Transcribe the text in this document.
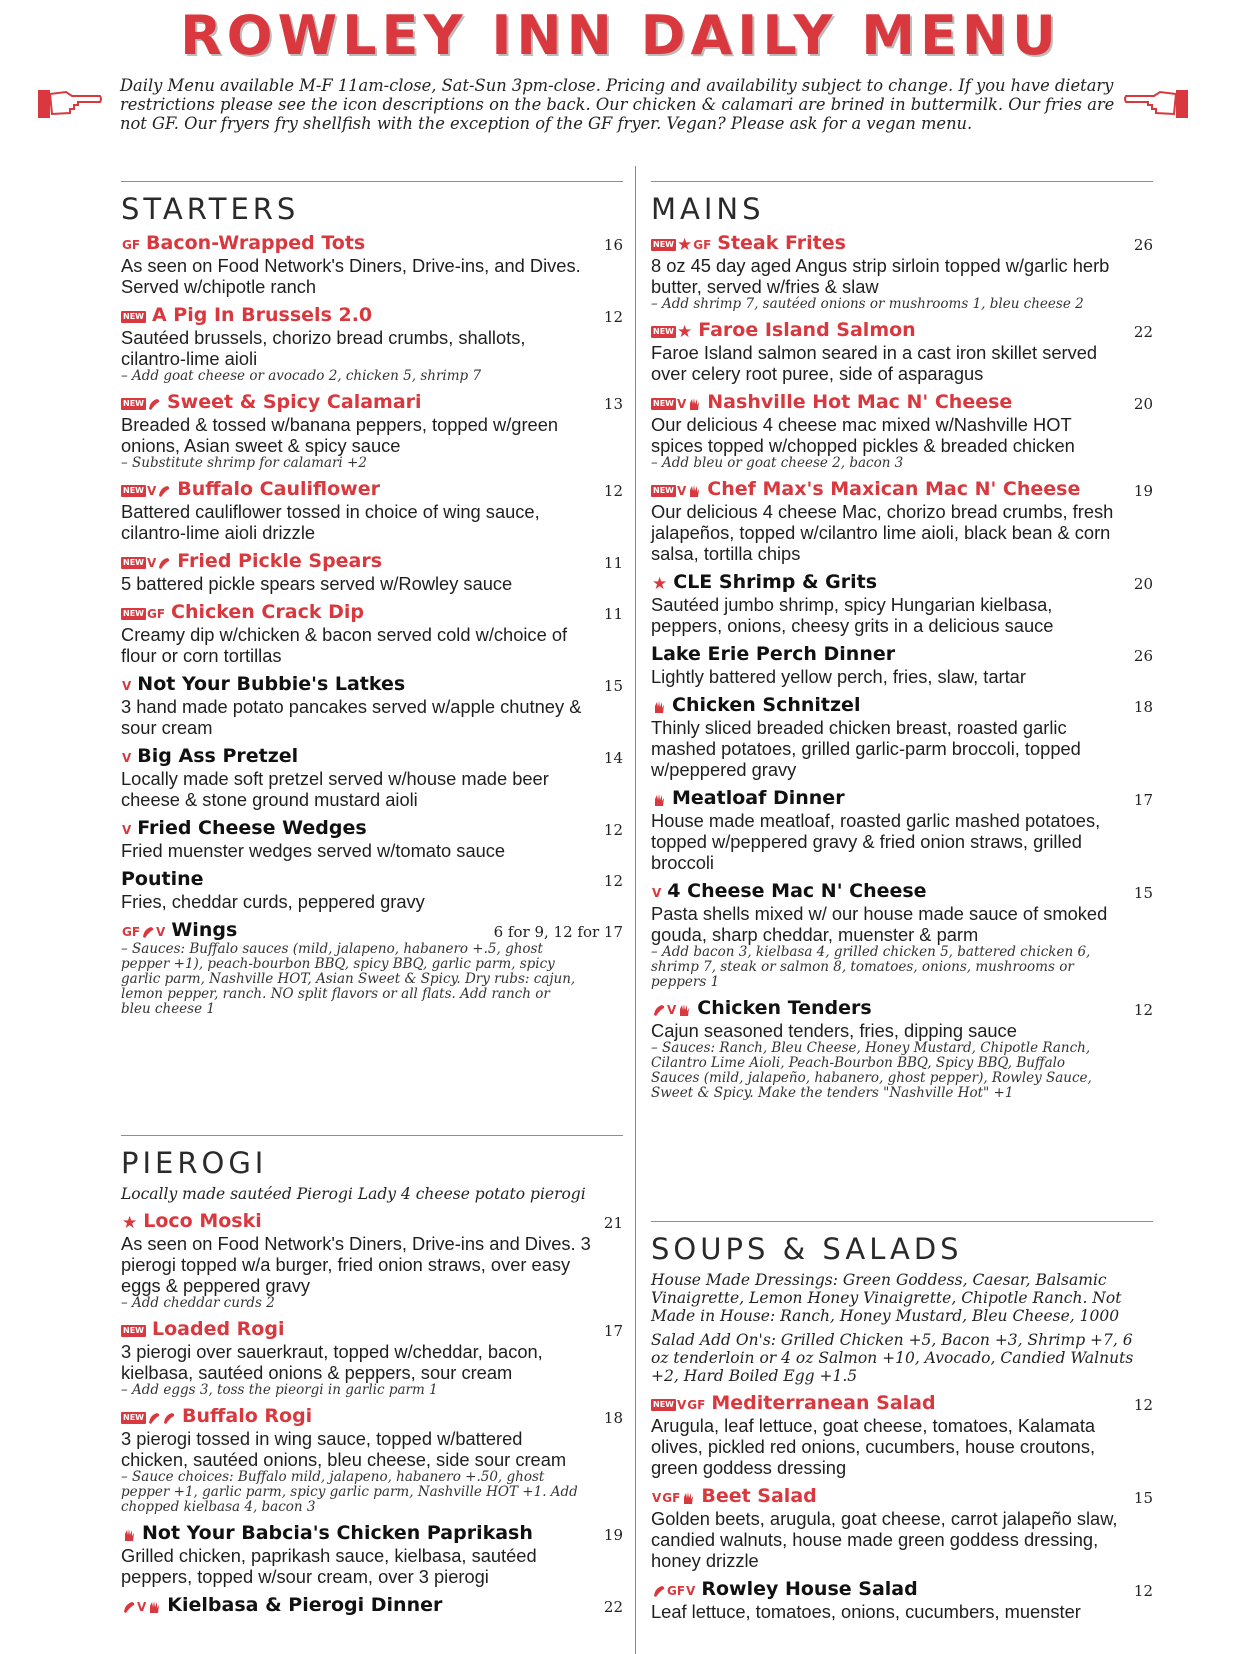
ROWLEY INN DAILY MENU
Daily Menu available M-F 11am-close, Sat-Sun 3pm-close. Pricing and availability subject to change. If you have dietary restrictions please see the icon descriptions on the back. Our chicken & calamari are brined in buttermilk. Our fries are not GF. Our fryers fry shellfish with the exception of the GF fryer. Vegan? Please ask for a vegan menu.
STARTERS
GF Bacon-Wrapped Tots	16
As seen on Food Network's Diners, Drive-ins, and Dives. Served w/chipotle ranch
NEW A Pig In Brussels 2.0	12
Sautéed brussels, chorizo bread crumbs, shallots, cilantro-lime aioli
– Add goat cheese or avocado 2, chicken 5, shrimp 7
NEW Sweet & Spicy Calamari	13
Breaded & tossed w/banana peppers, topped w/green onions, Asian sweet & spicy sauce
– Substitute shrimp for calamari +2
NEW V Buffalo Cauliflower	12
Battered cauliflower tossed in choice of wing sauce, cilantro-lime aioli drizzle
NEW V Fried Pickle Spears	11
5 battered pickle spears served w/Rowley sauce
NEW GF Chicken Crack Dip	11
Creamy dip w/chicken & bacon served cold w/choice of flour or corn tortillas
V Not Your Bubbie's Latkes	15
3 hand made potato pancakes served w/apple chutney & sour cream
V Big Ass Pretzel	14
Locally made soft pretzel served w/house made beer cheese & stone ground mustard aioli
V Fried Cheese Wedges	12
Fried muenster wedges served w/tomato sauce
Poutine	12
Fries, cheddar curds, peppered gravy
GF V Wings	6 for 9, 12 for 17
– Sauces: Buffalo sauces (mild, jalapeno, habanero +.5, ghost pepper +1), peach-bourbon BBQ, spicy BBQ, garlic parm, spicy garlic parm, Nashville HOT, Asian Sweet & Spicy. Dry rubs: cajun, lemon pepper, ranch. NO split flavors or all flats. Add ranch or bleu cheese 1
PIEROGI
Locally made sautéed Pierogi Lady 4 cheese potato pierogi
★ Loco Moski	21
As seen on Food Network's Diners, Drive-ins and Dives. 3 pierogi topped w/a burger, fried onion straws, over easy eggs & peppered gravy
– Add cheddar curds 2
NEW Loaded Rogi	17
3 pierogi over sauerkraut, topped w/cheddar, bacon, kielbasa, sautéed onions & peppers, sour cream
– Add eggs 3, toss the pieorgi in garlic parm 1
NEW Buffalo Rogi	18
3 pierogi tossed in wing sauce, topped w/battered chicken, sautéed onions, bleu cheese, side sour cream
– Sauce choices: Buffalo mild, jalapeno, habanero +.50, ghost pepper +1, garlic parm, spicy garlic parm, Nashville HOT +1. Add chopped kielbasa 4, bacon 3
Not Your Babcia's Chicken Paprikash	19
Grilled chicken, paprikash sauce, kielbasa, sautéed peppers, topped w/sour cream, over 3 pierogi
V Kielbasa & Pierogi Dinner	22
MAINS
NEW ★GF Steak Frites	26
8 oz 45 day aged Angus strip sirloin topped w/garlic herb butter, served w/fries & slaw
– Add shrimp 7, sautéed onions or mushrooms 1, bleu cheese 2
NEW ★ Faroe Island Salmon	22
Faroe Island salmon seared in a cast iron skillet served over celery root puree, side of asparagus
NEW V Nashville Hot Mac N' Cheese	20
Our delicious 4 cheese mac mixed w/Nashville HOT spices topped w/chopped pickles & breaded chicken
– Add bleu or goat cheese 2, bacon 3
NEW V Chef Max's Maxican Mac N' Cheese	19
Our delicious 4 cheese Mac, chorizo bread crumbs, fresh jalapeños, topped w/cilantro lime aioli, black bean & corn salsa, tortilla chips
★ CLE Shrimp & Grits	20
Sautéed jumbo shrimp, spicy Hungarian kielbasa, peppers, onions, cheesy grits in a delicious sauce
Lake Erie Perch Dinner	26
Lightly battered yellow perch, fries, slaw, tartar
Chicken Schnitzel	18
Thinly sliced breaded chicken breast, roasted garlic mashed potatoes, grilled garlic-parm broccoli, topped w/peppered gravy
Meatloaf Dinner	17
House made meatloaf, roasted garlic mashed potatoes, topped w/peppered gravy & fried onion straws, grilled broccoli
V 4 Cheese Mac N' Cheese	15
Pasta shells mixed w/ our house made sauce of smoked gouda, sharp cheddar, muenster & parm
– Add bacon 3, kielbasa 4, grilled chicken 5, battered chicken 6, shrimp 7, steak or salmon 8, tomatoes, onions, mushrooms or peppers 1
V Chicken Tenders	12
Cajun seasoned tenders, fries, dipping sauce
– Sauces: Ranch, Bleu Cheese, Honey Mustard, Chipotle Ranch, Cilantro Lime Aioli, Peach-Bourbon BBQ, Spicy BBQ, Buffalo Sauces (mild, jalapeño, habanero, ghost pepper), Rowley Sauce, Sweet & Spicy. Make the tenders "Nashville Hot" +1
SOUPS & SALADS
House Made Dressings: Green Goddess, Caesar, Balsamic Vinaigrette, Lemon Honey Vinaigrette, Chipotle Ranch. Not Made in House: Ranch, Honey Mustard, Bleu Cheese, 1000
Salad Add On's: Grilled Chicken +5, Bacon +3, Shrimp +7, 6 oz tenderloin or 4 oz Salmon +10, Avocado, Candied Walnuts +2, Hard Boiled Egg +1.5
NEW VGF Mediterranean Salad	12
Arugula, leaf lettuce, goat cheese, tomatoes, Kalamata olives, pickled red onions, cucumbers, house croutons, green goddess dressing
VGF Beet Salad	15
Golden beets, arugula, goat cheese, carrot jalapeño slaw, candied walnuts, house made green goddess dressing, honey drizzle
GFV Rowley House Salad	12
Leaf lettuce, tomatoes, onions, cucumbers, muenster
